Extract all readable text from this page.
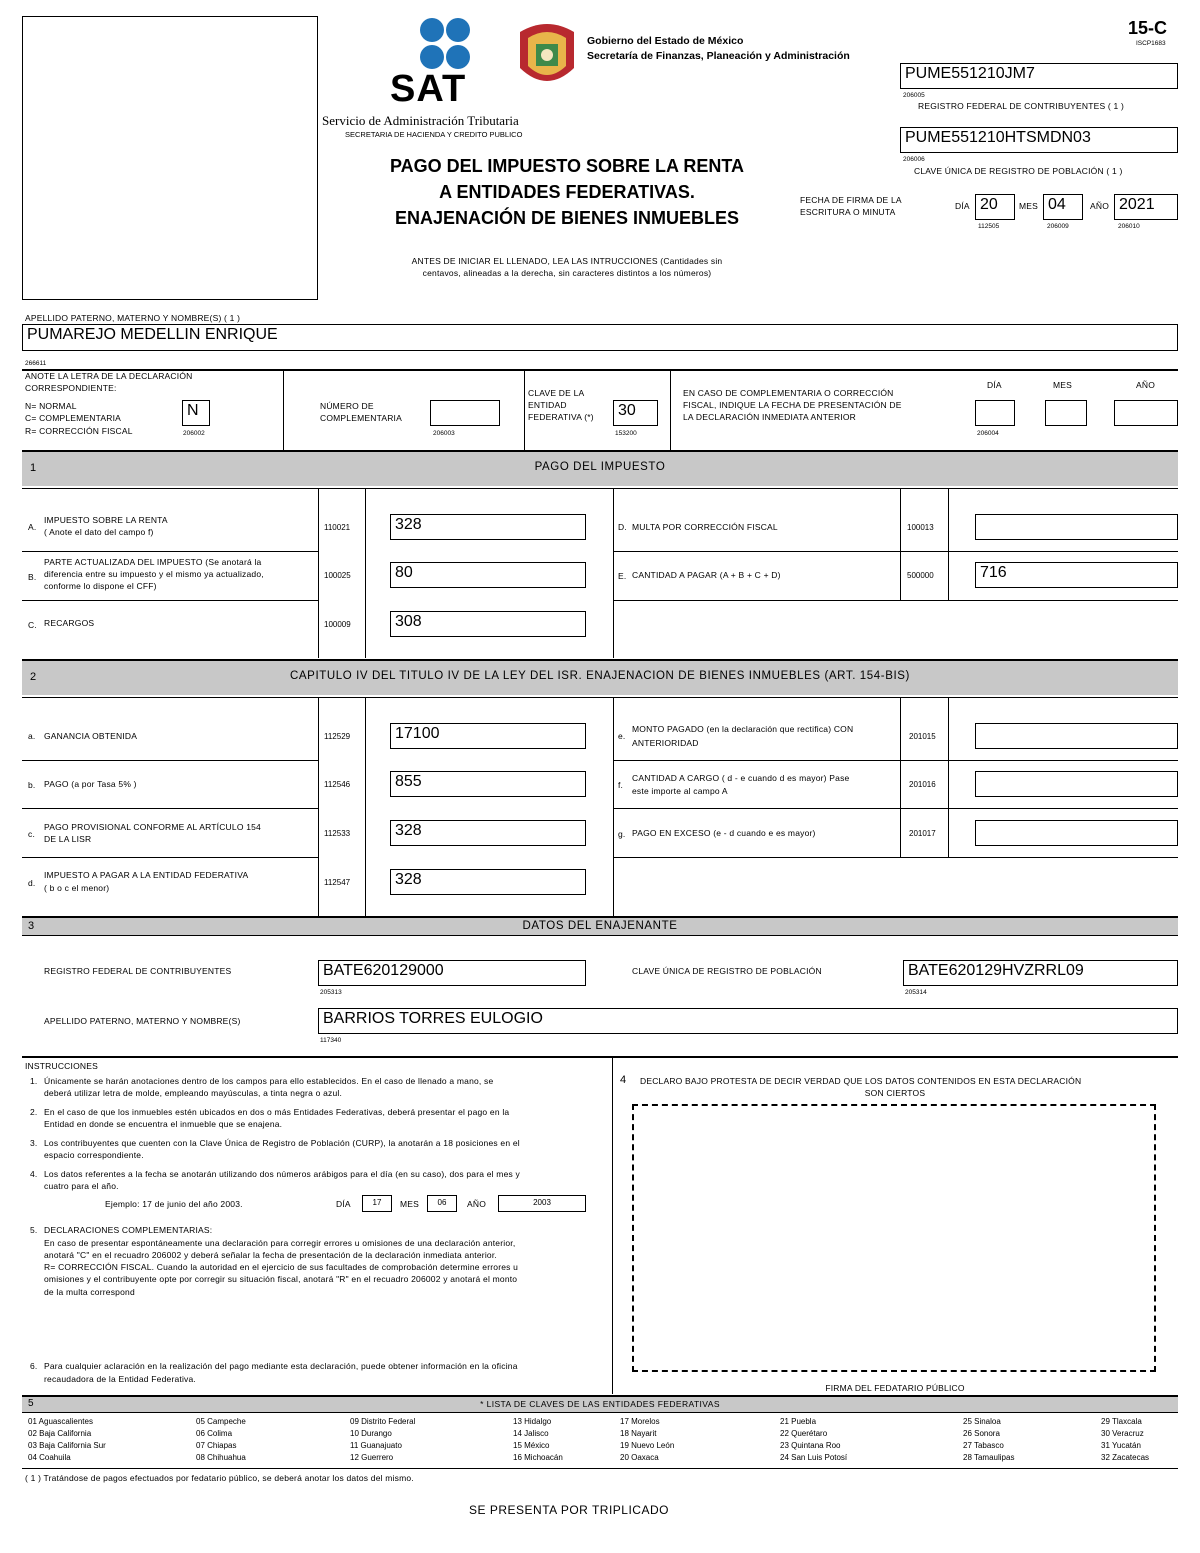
SAT
Servicio de Administración Tributaria
SECRETARIA DE HACIENDA Y CREDITO PUBLICO
Gobierno del Estado de México
Secretaría de Finanzas, Planeación y Administración
15-C
ISCP1683
PUME551210JM7
206005
REGISTRO FEDERAL DE CONTRIBUYENTES ( 1 )
PUME551210HTSMDN03
206006
CLAVE ÚNICA DE REGISTRO DE POBLACIÓN ( 1 )
PAGO DEL IMPUESTO SOBRE LA RENTA
A ENTIDADES FEDERATIVAS.
ENAJENACIÓN DE BIENES INMUEBLES
FECHA DE FIRMA DE LA
ESCRITURA O MINUTA
DÍA 20	MES 04	AÑO 2021
112505	206009	206010
ANTES DE INICIAR EL LLENADO, LEA LAS INTRUCCIONES (Cantidades sin
centavos, alineadas a la derecha, sin caracteres distintos a los números)
APELLIDO PATERNO, MATERNO Y NOMBRE(S) ( 1 )
PUMAREJO MEDELLIN ENRIQUE
266611
ANOTE LA LETRA DE LA DECLARACIÓN
CORRESPONDIENTE:
N= NORMAL
C= COMPLEMENTARIA
R= CORRECCIÓN FISCAL
N
206002
NÚMERO DE
COMPLEMENTARIA
206003
CLAVE DE LA
ENTIDAD
FEDERATIVA (*)	30
153200
EN CASO DE COMPLEMENTARIA O CORRECCIÓN
FISCAL, INDIQUE LA FECHA DE PRESENTACIÓN DE
LA DECLARACIÓN INMEDIATA ANTERIOR
DÍA	MES	AÑO
206004
1	PAGO DEL IMPUESTO
A.
IMPUESTO SOBRE LA RENTA
( Anote el dato del campo f)	110021	328
B.
PARTE ACTUALIZADA DEL IMPUESTO (Se anotará la
diferencia entre su impuesto y el mismo ya actualizado,
conforme lo dispone el CFF)
100025	80
C. RECARGOS	100009	308
D. MULTA POR CORRECCIÓN FISCAL	100013
E. CANTIDAD A PAGAR (A + B + C + D)	500000	716
2	CAPITULO IV DEL TITULO IV DE LA LEY DEL ISR. ENAJENACION DE BIENES INMUEBLES (ART. 154-BIS)
a. GANANCIA OBTENIDA	112529	17100
b. PAGO (a por Tasa 5% )	112546	855
c.
PAGO PROVISIONAL CONFORME AL ARTÍCULO 154
DE LA LISR
112533	328
d.
IMPUESTO A PAGAR A LA ENTIDAD FEDERATIVA
( b o c el menor)
112547	328
e.
MONTO PAGADO (en la declaración que rectifica) CON
ANTERIORIDAD
201015
f.
CANTIDAD A CARGO ( d - e cuando d es mayor) Pase
este importe al campo A
201016
g. PAGO EN EXCESO (e - d cuando e es mayor)	201017
3	DATOS DEL ENAJENANTE
REGISTRO FEDERAL DE CONTRIBUYENTES	BATE620129000
205313
CLAVE ÚNICA DE REGISTRO DE POBLACIÓN	BATE620129HVZRRL09
205314
APELLIDO PATERNO, MATERNO Y NOMBRE(S)	BARRIOS TORRES EULOGIO
117340
INSTRUCCIONES
1. Únicamente se harán anotaciones dentro de los campos para ello establecidos. En el caso de llenado a mano, se
deberá utilizar letra de molde, empleando mayúsculas, a tinta negra o azul.
2. En el caso de que los inmuebles estén ubicados en dos o más Entidades Federativas, deberá presentar el pago en la
Entidad en donde se encuentra el inmueble que se enajena.
3. Los contribuyentes que cuenten con la Clave Única de Registro de Población (CURP), la anotarán a 18 posiciones en el
espacio correspondiente.
4. Los datos referentes a la fecha se anotarán utilizando dos números arábigos para el día (en su caso), dos para el mes y
cuatro para el año.
Ejemplo: 17 de junio del año 2003.	DÍA	17	MES	06	AÑO	2003
5. DECLARACIONES COMPLEMENTARIAS:
En caso de presentar espontáneamente una declaración para corregir errores u omisiones de una declaración anterior,
anotará "C" en el recuadro 206002 y deberá señalar la fecha de presentación de la declaración inmediata anterior.
R= CORRECCIÓN FISCAL. Cuando la autoridad en el ejercicio de sus facultades de comprobación determine errores u
omisiones y el contribuyente opte por corregir su situación fiscal, anotará "R" en el recuadro 206002 y anotará el monto
de la multa correspond
6. Para cualquier aclaración en la realización del pago mediante esta declaración, puede obtener información en la oficina
recaudadora de la Entidad Federativa.
4 DECLARO BAJO PROTESTA DE DECIR VERDAD QUE LOS DATOS CONTENIDOS EN ESTA DECLARACIÓN
SON CIERTOS
FIRMA DEL FEDATARIO PÚBLICO
5	* LISTA DE CLAVES DE LAS ENTIDADES FEDERATIVAS
01 Aguascalientes
02 Baja California
03 Baja California Sur
04 Coahuila
05 Campeche
06 Colima
07 Chiapas
08 Chihuahua
09 Distrito Federal
10 Durango
11 Guanajuato
12 Guerrero
13 Hidalgo
14 Jalisco
15 México
16 Michoacán
17 Morelos
18 Nayarit
19 Nuevo León
20 Oaxaca
21 Puebla
22 Querétaro
23 Quintana Roo
24 San Luis Potosí
25 Sinaloa
26 Sonora
27 Tabasco
28 Tamaulipas
29 Tlaxcala
30 Veracruz
31 Yucatán
32 Zacatecas
( 1 ) Tratándose de pagos efectuados por fedatario público, se deberá anotar los datos del mismo.
SE PRESENTA POR TRIPLICADO
